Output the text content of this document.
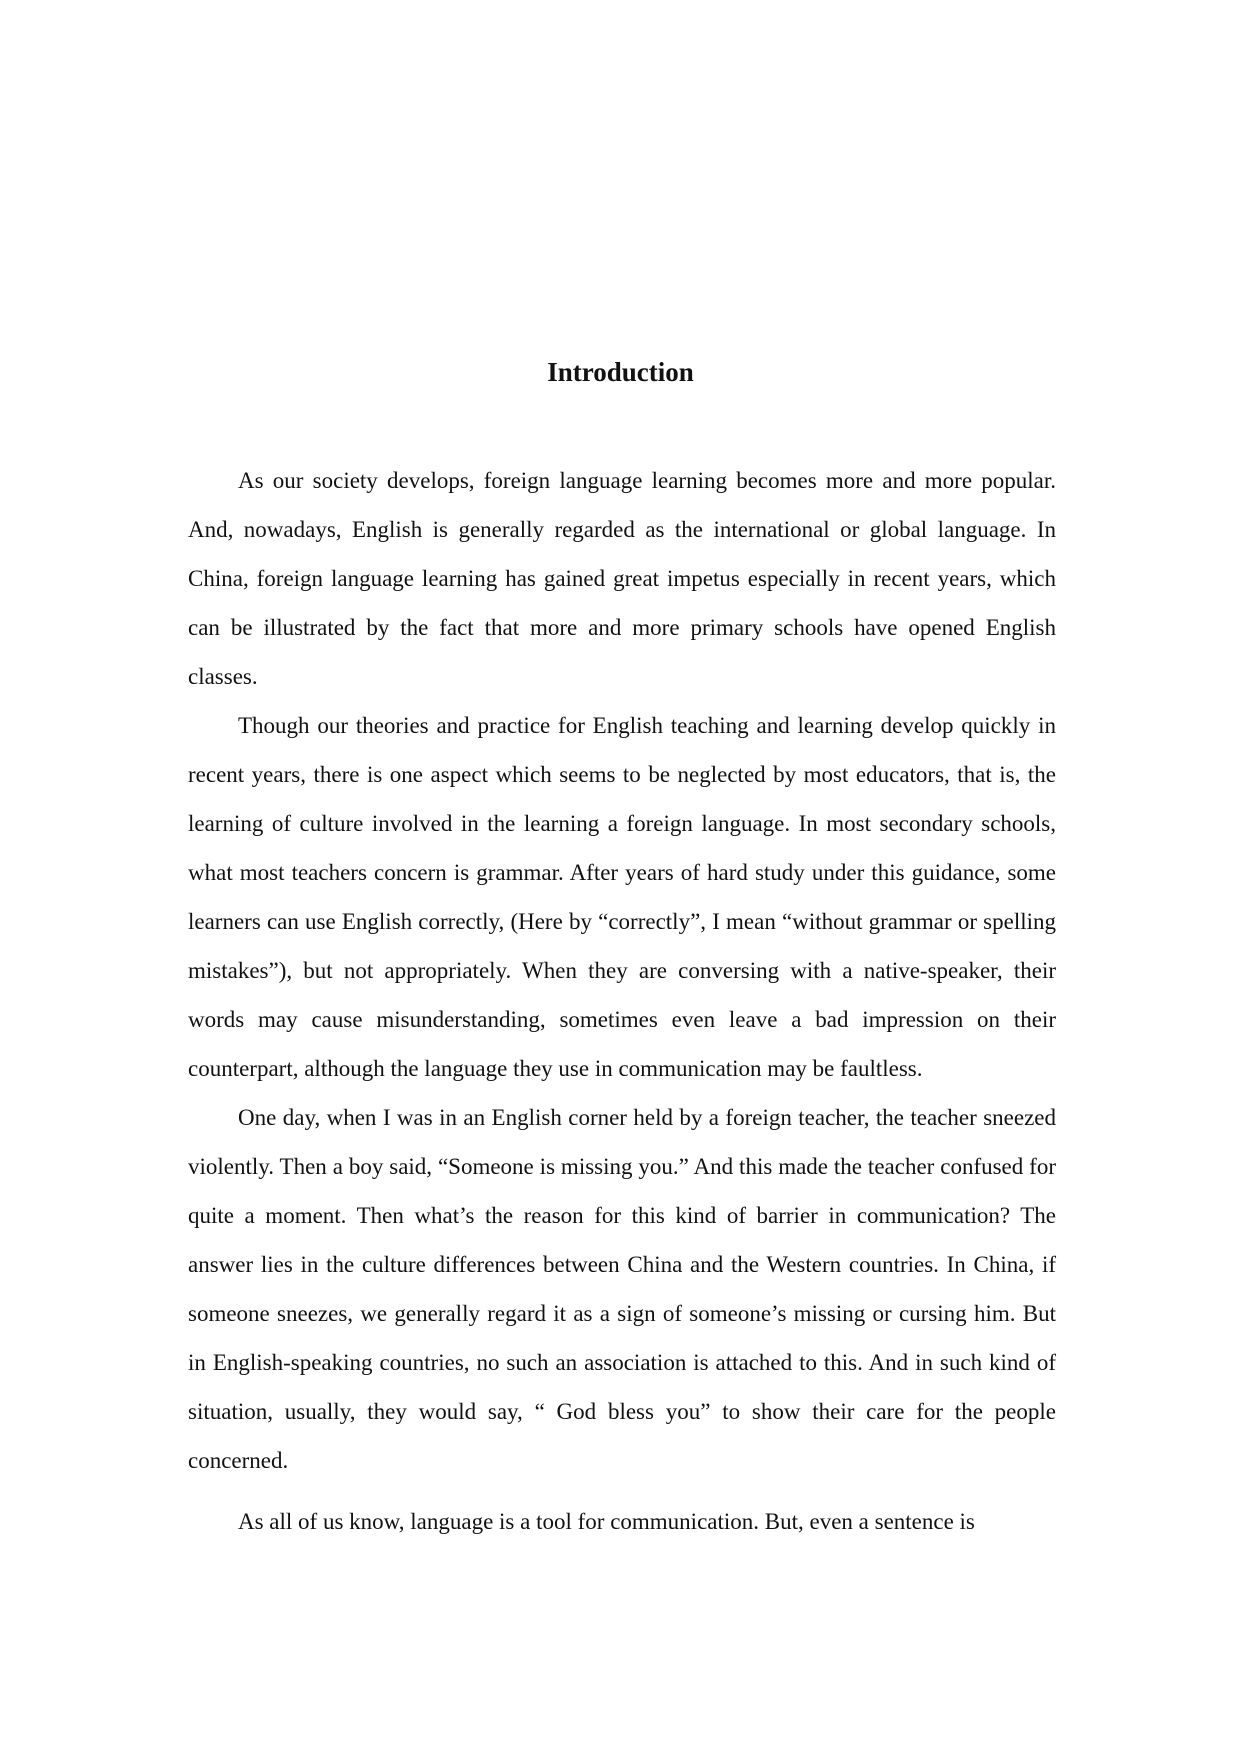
Introduction

As our society develops, foreign language learning becomes more and more popular. And, nowadays, English is generally regarded as the international or global language. In China, foreign language learning has gained great impetus especially in recent years, which can be illustrated by the fact that more and more primary schools have opened English classes.

Though our theories and practice for English teaching and learning develop quickly in recent years, there is one aspect which seems to be neglected by most educators, that is, the learning of culture involved in the learning a foreign language. In most secondary schools, what most teachers concern is grammar. After years of hard study under this guidance, some learners can use English correctly, (Here by “correctly”, I mean “without grammar or spelling mistakes”), but not appropriately. When they are conversing with a native-speaker, their words may cause misunderstanding, sometimes even leave a bad impression on their counterpart, although the language they use in communication may be faultless.

One day, when I was in an English corner held by a foreign teacher, the teacher sneezed violently. Then a boy said, “Someone is missing you.” And this made the teacher confused for quite a moment. Then what’s the reason for this kind of barrier in communication? The answer lies in the culture differences between China and the Western countries. In China, if someone sneezes, we generally regard it as a sign of someone’s missing or cursing him. But in English-speaking countries, no such an association is attached to this. And in such kind of situation, usually, they would say, “ God bless you” to show their care for the people concerned.

As all of us know, language is a tool for communication. But, even a sentence is
